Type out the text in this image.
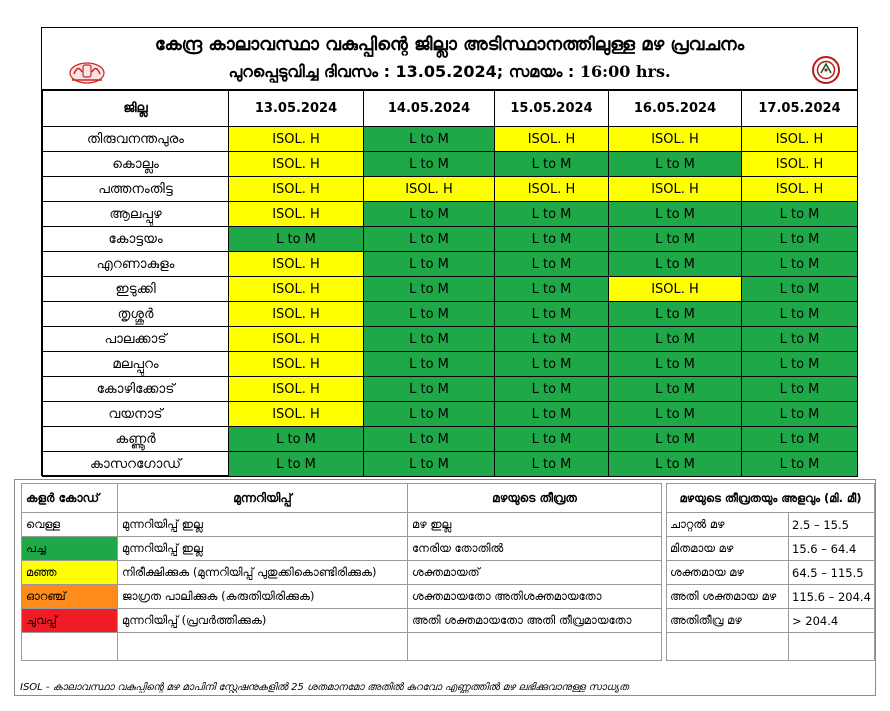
കേന്ദ്ര കാലാവസ്ഥാ വകുപ്പിന്റെ ജില്ലാ അടിസ്ഥാനത്തിലുള്ള മഴ പ്രവചനം
പുറപ്പെടുവിച്ച ദിവസം : 13.05.2024; സമയം : 16:00 hrs.
ജില്ല	13.05.2024	14.05.2024	15.05.2024	16.05.2024	17.05.2024
തിരുവനന്തപുരം	ISOL. H	L to M	ISOL. H	ISOL. H	ISOL. H
കൊല്ലം	ISOL. H	L to M	L to M	L to M	ISOL. H
പത്തനംതിട്ട	ISOL. H	ISOL. H	ISOL. H	ISOL. H	ISOL. H
ആലപ്പുഴ	ISOL. H	L to M	L to M	L to M	L to M
കോട്ടയം	L to M	L to M	L to M	L to M	L to M
എറണാകുളം	ISOL. H	L to M	L to M	L to M	L to M
ഇടുക്കി	ISOL. H	L to M	L to M	ISOL. H	L to M
തൃശ്ശൂർ	ISOL. H	L to M	L to M	L to M	L to M
പാലക്കാട്	ISOL. H	L to M	L to M	L to M	L to M
മലപ്പുറം	ISOL. H	L to M	L to M	L to M	L to M
കോഴിക്കോട്	ISOL. H	L to M	L to M	L to M	L to M
വയനാട്	ISOL. H	L to M	L to M	L to M	L to M
കണ്ണൂർ	L to M	L to M	L to M	L to M	L to M
കാസറഗോഡ്	L to M	L to M	L to M	L to M	L to M
കളർ കോഡ്	മുന്നറിയിപ്പ്	മഴയുടെ തീവ്രത
വെള്ള	മുന്നറിയിപ്പ് ഇല്ല	മഴ ഇല്ല
പച്ച	മുന്നറിയിപ്പ് ഇല്ല	നേരിയ തോതിൽ
മഞ്ഞ	നിരീക്ഷിക്കുക (മുന്നറിയിപ്പ് പുതുക്കികൊണ്ടിരിക്കുക)	ശക്തമായത്
ഓറഞ്ച്	ജാഗ്രത പാലിക്കുക (കരുതിയിരിക്കുക)	ശക്തമായതോ അതിശക്തമായതോ
ചുവപ്പ്	മുന്നറിയിപ്പ് (പ്രവർത്തിക്കുക)	അതി ശക്തമായതോ അതി തീവ്രമായതോ

മഴയുടെ തീവ്രതയും അളവും (മി. മീ)	
ചാറ്റൽ മഴ	2.5 – 15.5
മിതമായ മഴ	15.6 – 64.4
ശക്തമായ മഴ	64.5 – 115.5
അതി ശക്തമായ മഴ	115.6 – 204.4
അതിതീവ്ര മഴ	> 204.4

ISOL - കാലാവസ്ഥാ വകുപ്പിന്റെ മഴ മാപിനി സ്റ്റേഷനുകളിൽ 25 ശതമാനമോ അതിൽ കുറവോ എണ്ണത്തിൽ മഴ ലഭിക്കുവാനുള്ള സാധ്യത
